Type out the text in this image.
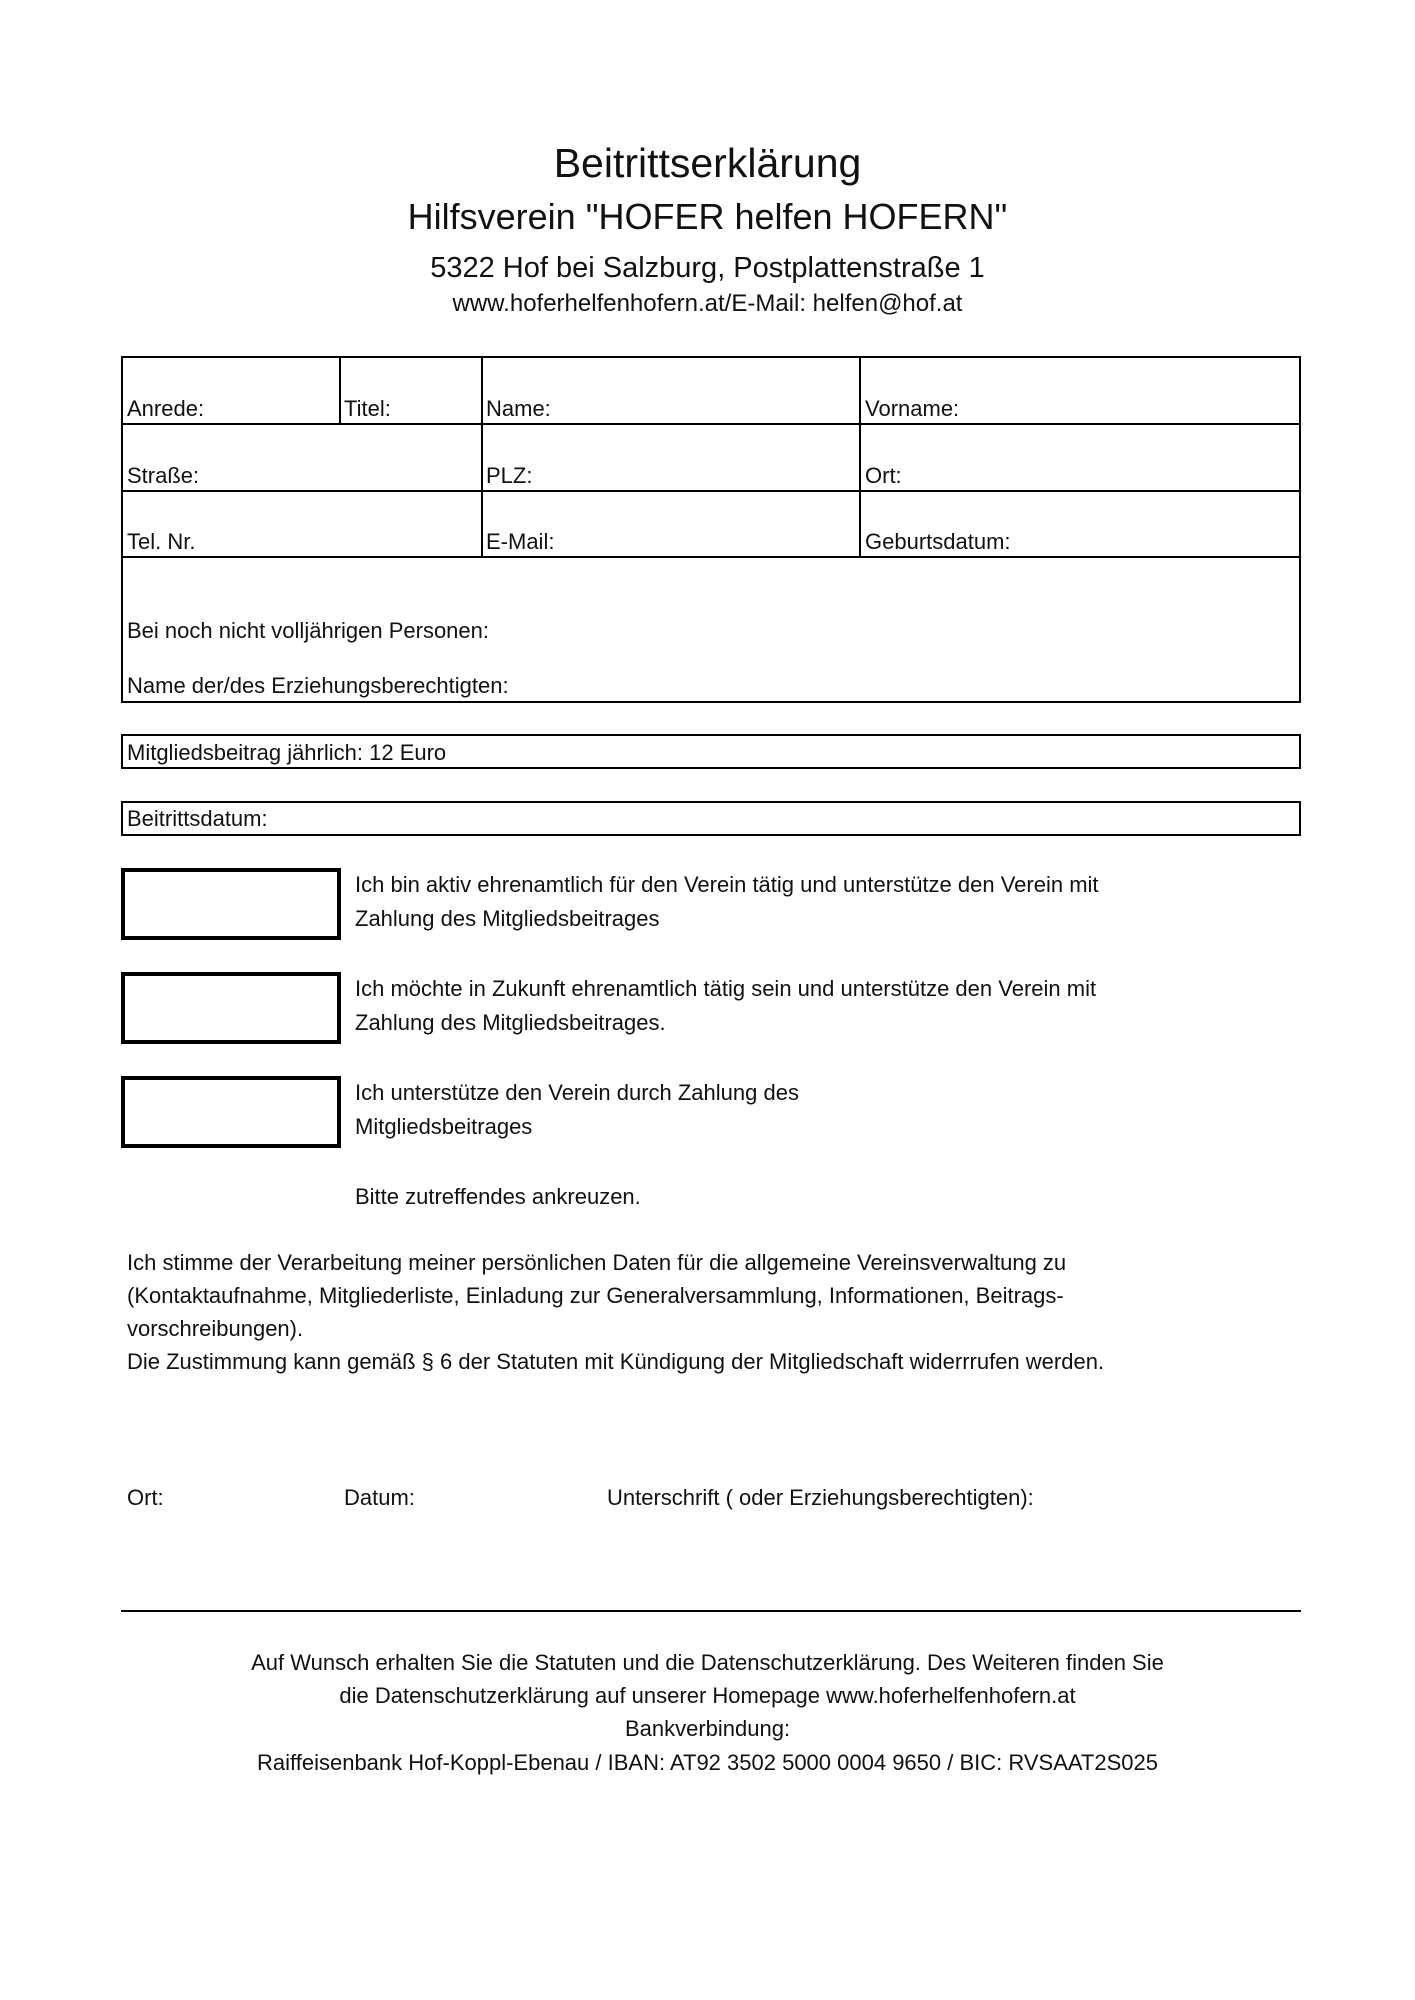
Beitrittserklärung
Hilfsverein "HOFER helfen HOFERN"
5322 Hof bei Salzburg, Postplattenstraße 1
www.hoferhelfenhofern.at/E-Mail: helfen@hof.at
Anrede:	Titel:	Name:	Vorname:
Straße:	PLZ:	Ort:
Tel. Nr.	E-Mail:	Geburtsdatum:
Bei noch nicht volljährigen Personen:
Name der/des Erziehungsberechtigten:
Mitgliedsbeitrag jährlich: 12 Euro
Beitrittsdatum:
Ich bin aktiv ehrenamtlich für den Verein tätig und unterstütze den Verein mit
Zahlung des Mitgliedsbeitrages
Ich möchte in Zukunft ehrenamtlich tätig sein und unterstütze den Verein mit
Zahlung des Mitgliedsbeitrages.
Ich unterstütze den Verein durch Zahlung des
Mitgliedsbeitrages
Bitte zutreffendes ankreuzen.
Ich stimme der Verarbeitung meiner persönlichen Daten für die allgemeine Vereinsverwaltung zu
(Kontaktaufnahme, Mitgliederliste, Einladung zur Generalversammlung, Informationen, Beitrags-
vorschreibungen).
Die Zustimmung kann gemäß § 6 der Statuten mit Kündigung der Mitgliedschaft widerrrufen werden.
Ort:	Datum:	Unterschrift ( oder Erziehungsberechtigten):
Auf Wunsch erhalten Sie die Statuten und die Datenschutzerklärung. Des Weiteren finden Sie
die Datenschutzerklärung auf unserer Homepage www.hoferhelfenhofern.at
Bankverbindung:
Raiffeisenbank Hof-Koppl-Ebenau / IBAN: AT92 3502 5000 0004 9650 / BIC: RVSAAT2S025
